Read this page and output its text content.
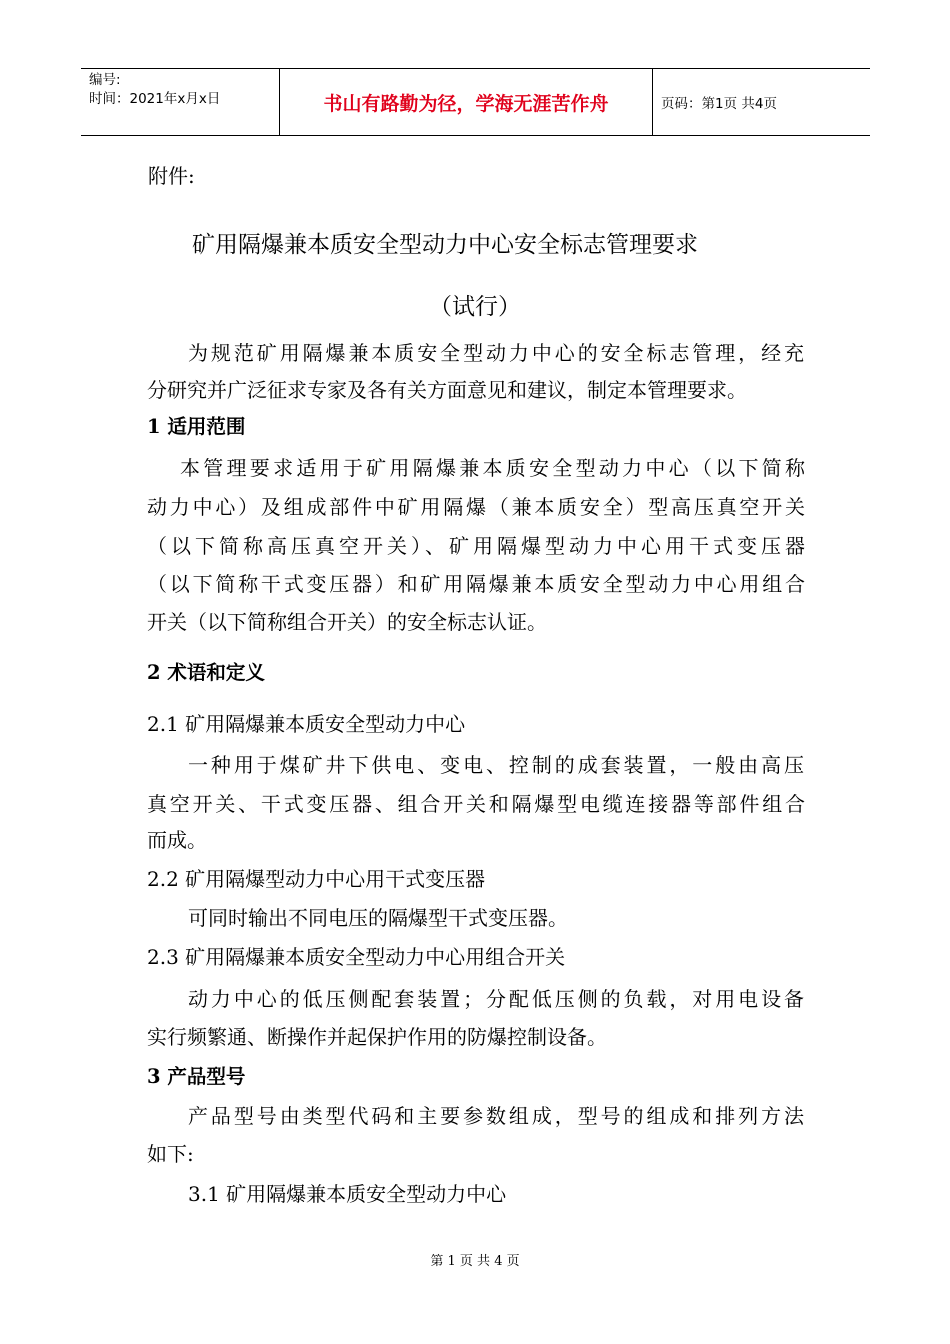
编号:
时间：2021年x月x日	书山有路勤为径，学海无涯苦作舟	页码：第1页 共4页
附件:
矿用隔爆兼本质安全型动力中心安全标志管理要求
（试行）
为规范矿用隔爆兼本质安全型动力中心的安全标志管理，经充
分研究并广泛征求专家及各有关方面意见和建议，制定本管理要求。
1 适用范围
本管理要求适用于矿用隔爆兼本质安全型动力中心（以下简称
动力中心）及组成部件中矿用隔爆（兼本质安全）型高压真空开关
（以下简称高压真空开关）、矿用隔爆型动力中心用干式变压器
（以下简称干式变压器）和矿用隔爆兼本质安全型动力中心用组合
开关（以下简称组合开关）的安全标志认证。
2 术语和定义
2.1 矿用隔爆兼本质安全型动力中心
一种用于煤矿井下供电、变电、控制的成套装置，一般由高压
真空开关、干式变压器、组合开关和隔爆型电缆连接器等部件组合
而成。
2.2 矿用隔爆型动力中心用干式变压器
可同时输出不同电压的隔爆型干式变压器。
2.3 矿用隔爆兼本质安全型动力中心用组合开关
动力中心的低压侧配套装置；分配低压侧的负载，对用电设备
实行频繁通、断操作并起保护作用的防爆控制设备。
3 产品型号
产品型号由类型代码和主要参数组成，型号的组成和排列方法
如下:
3.1 矿用隔爆兼本质安全型动力中心
第 1 页 共 4 页
